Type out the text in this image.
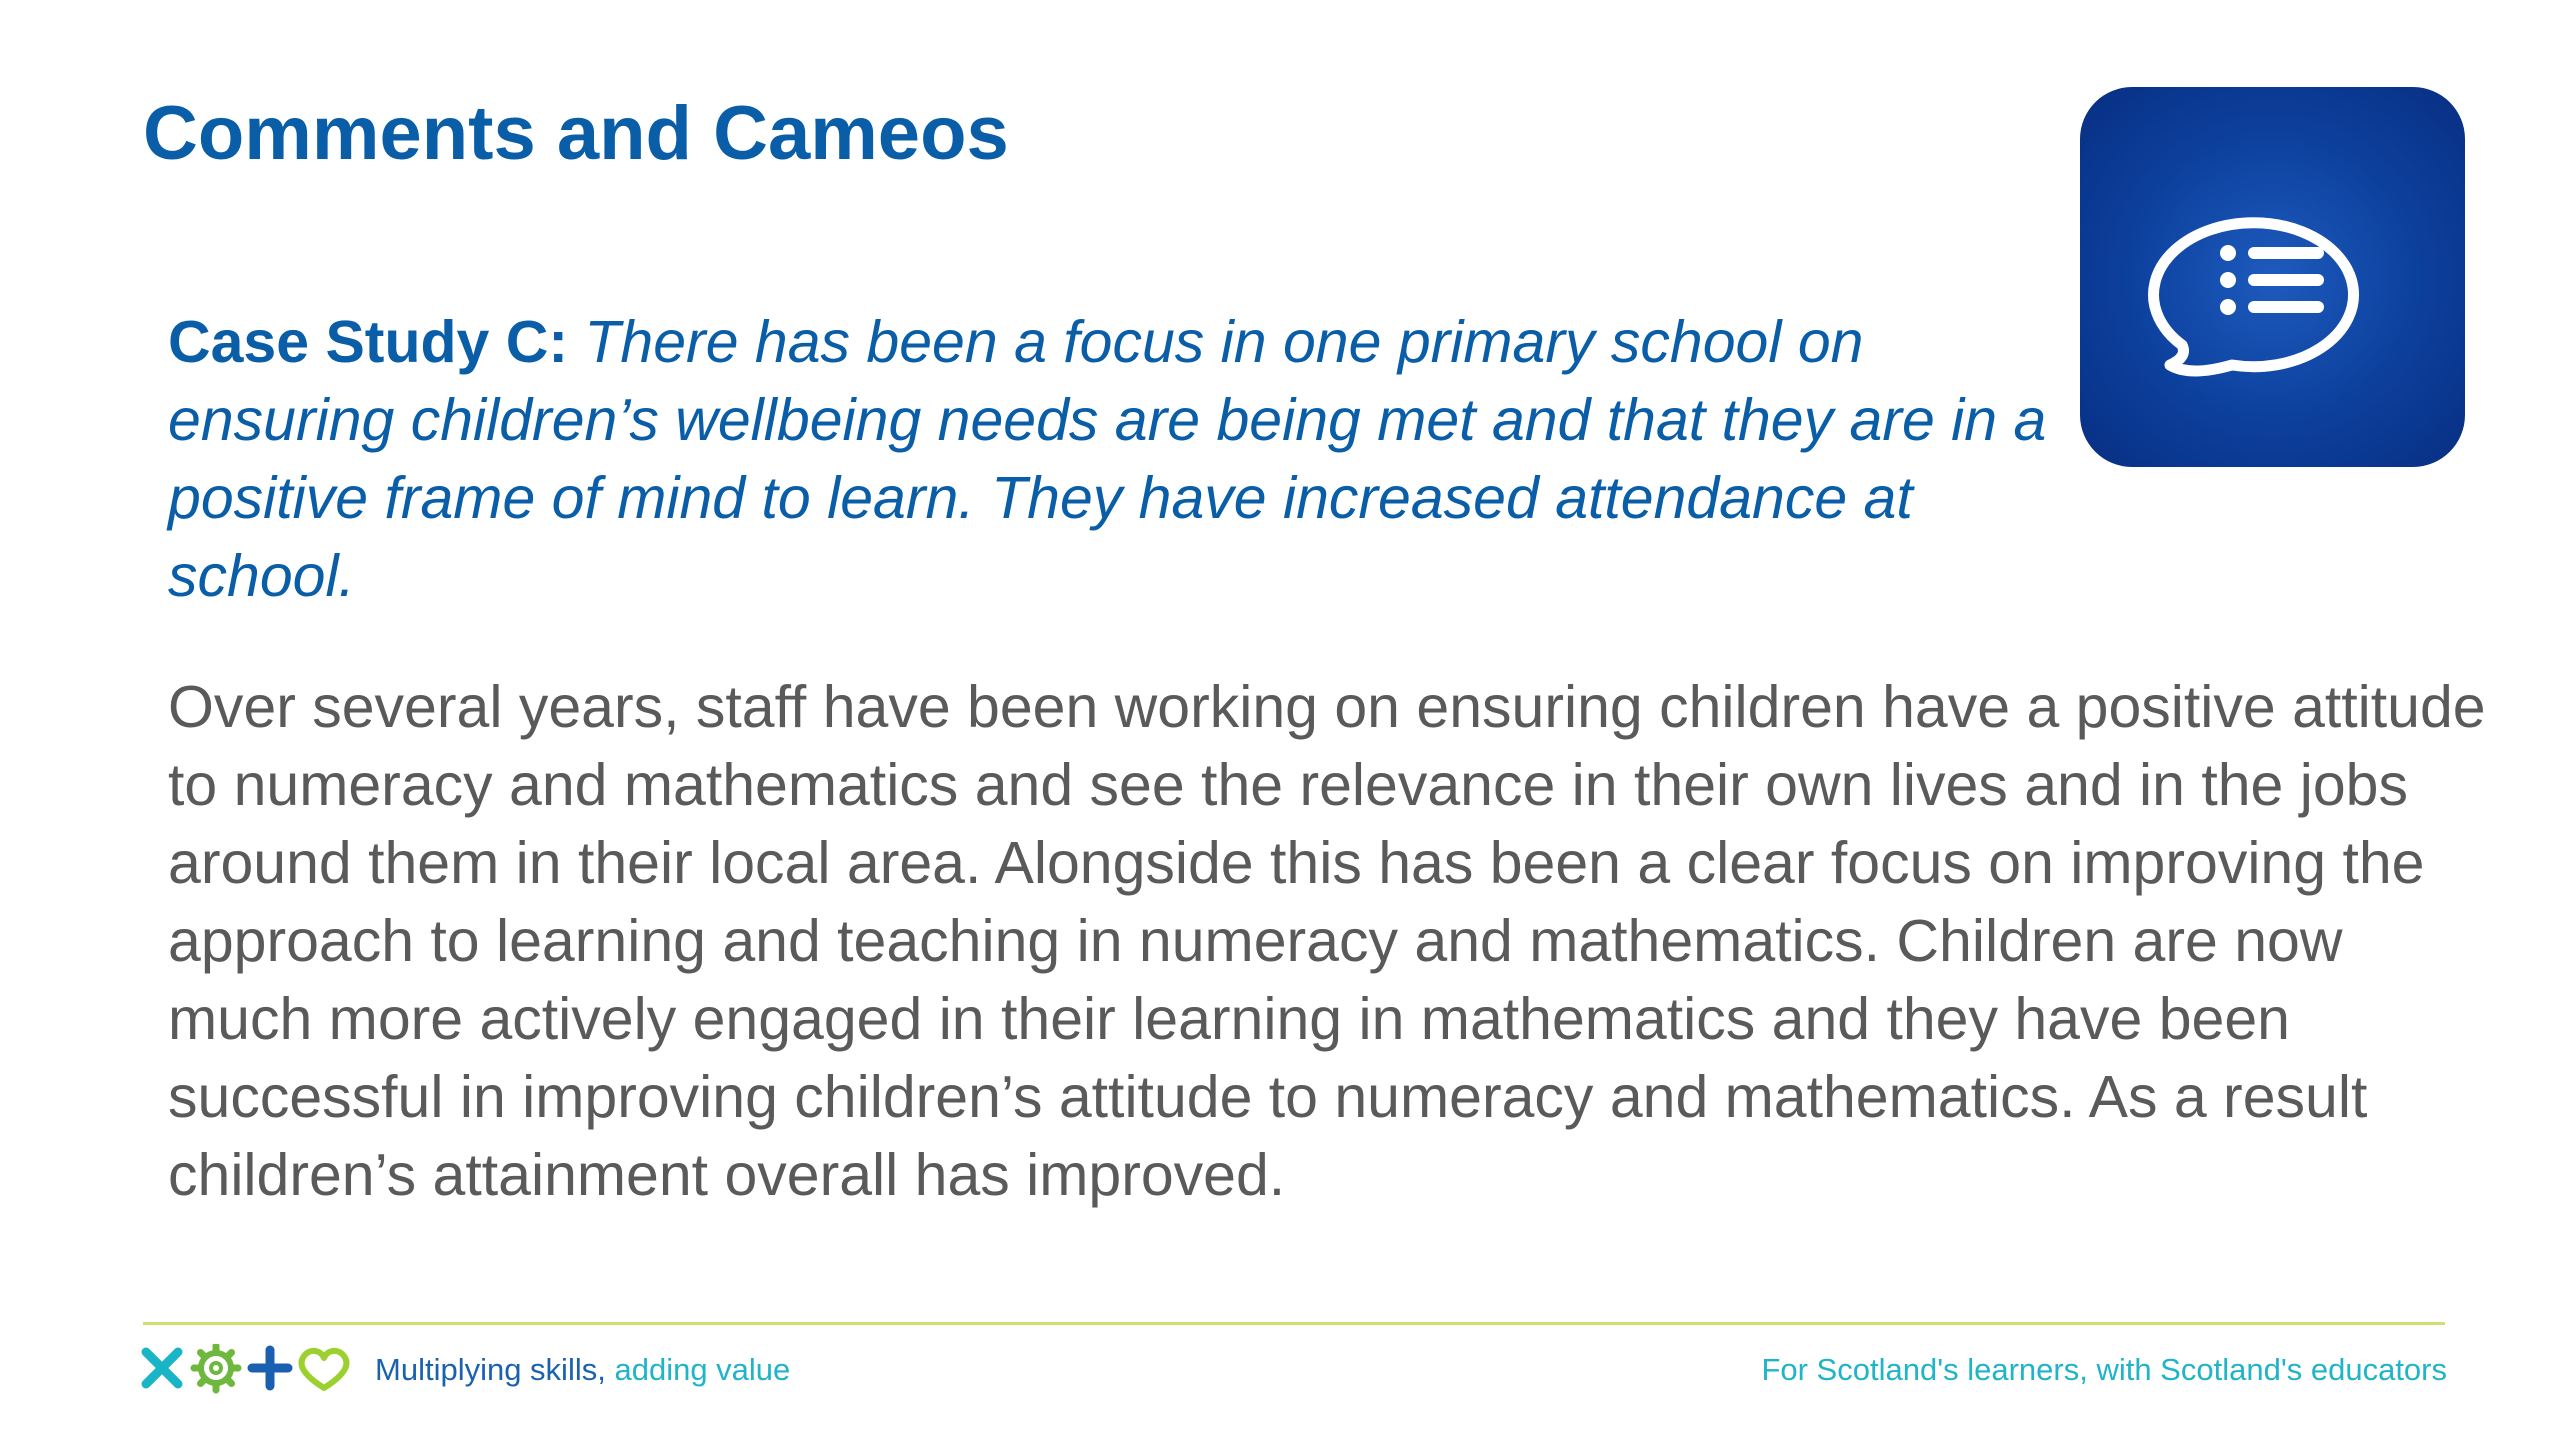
Comments and Cameos

Case Study C: There has been a focus in one primary school on ensuring children’s wellbeing needs are being met and that they are in a positive frame of mind to learn. They have increased attendance at school.

Over several years, staff have been working on ensuring children have a positive attitude to numeracy and mathematics and see the relevance in their own lives and in the jobs around them in their local area. Alongside this has been a clear focus on improving the approach to learning and teaching in numeracy and mathematics. Children are now much more actively engaged in their learning in mathematics and they have been successful in improving children’s attitude to numeracy and mathematics. As a result children’s attainment overall has improved.

Multiplying skills, adding value	For Scotland's learners, with Scotland's educators
